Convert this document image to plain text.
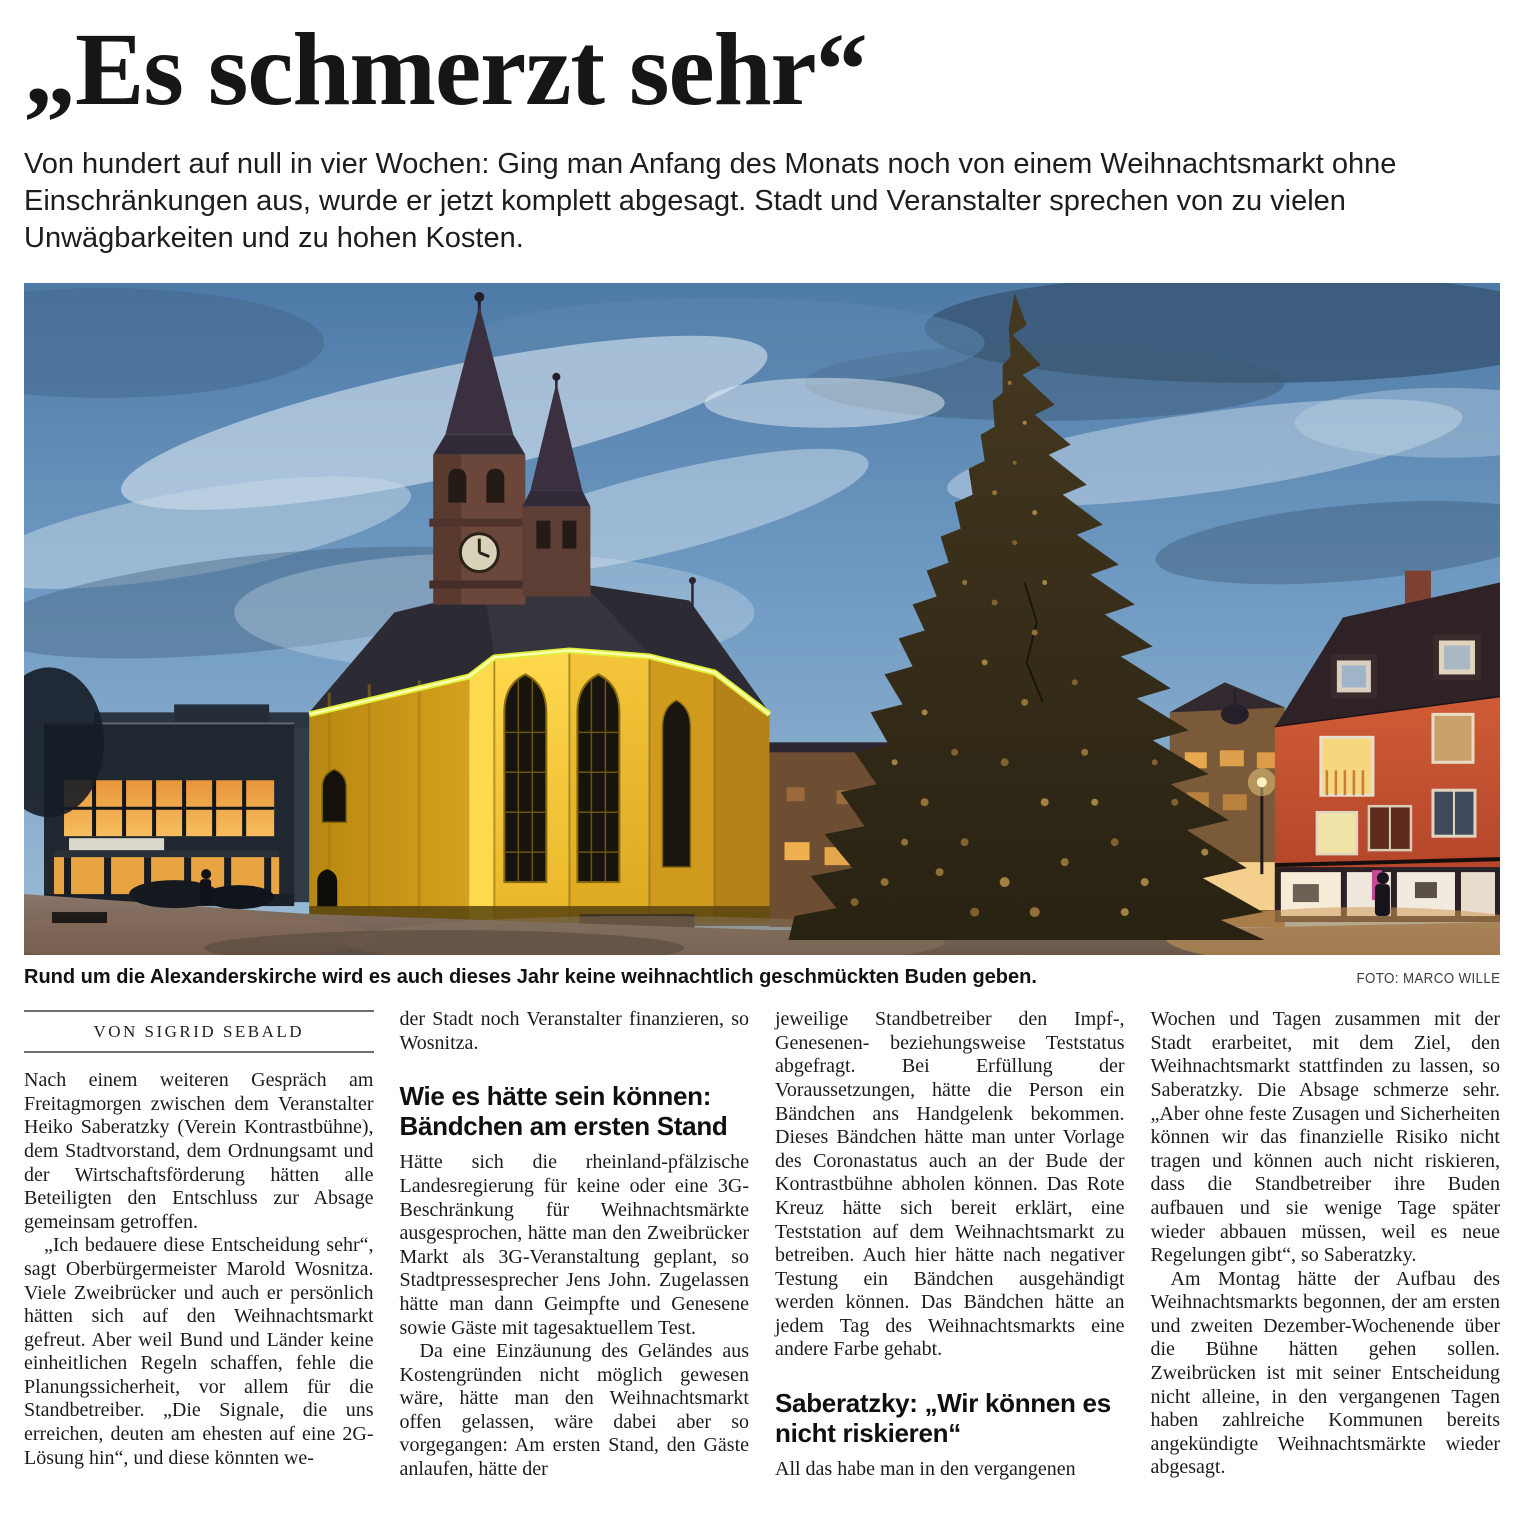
„Es schmerzt sehr“

Von hundert auf null in vier Wochen: Ging man Anfang des Monats noch von einem Weihnachtsmarkt ohne Einschränkungen aus, wurde er jetzt komplett abgesagt. Stadt und Veranstalter sprechen von zu vielen Unwägbarkeiten und zu hohen Kosten.

Rund um die Alexanderskirche wird es auch dieses Jahr keine weihnachtlich geschmückten Buden geben.	FOTO: MARCO WILLE
VON SIGRID SEBALD

Nach einem weiteren Gespräch am Freitagmorgen zwischen dem Veranstalter Heiko Saberatzky (Verein Kontrastbühne), dem Stadtvorstand, dem Ordnungsamt und der Wirtschaftsförderung hätten alle Beteiligten den Entschluss zur Absage gemeinsam getroffen.

„Ich bedauere diese Entscheidung sehr“, sagt Oberbürgermeister Marold Wosnitza. Viele Zweibrücker und auch er persönlich hätten sich auf den Weihnachtsmarkt gefreut. Aber weil Bund und Länder keine einheitlichen Regeln schaffen, fehle die Planungssicherheit, vor allem für die Standbetreiber. „Die Signale, die uns erreichen, deuten am ehesten auf eine 2G-Lösung hin“, und diese könnten we-

der Stadt noch Veranstalter finanzieren, so Wosnitza.

Wie es hätte sein können: Bändchen am ersten Stand

Hätte sich die rheinland-pfälzische Landesregierung für keine oder eine 3G-Beschränkung für Weihnachtsmärkte ausgesprochen, hätte man den Zweibrücker Markt als 3G-Veranstaltung geplant, so Stadtpressesprecher Jens John. Zugelassen hätte man dann Geimpfte und Genesene sowie Gäste mit tagesaktuellem Test.

Da eine Einzäunung des Geländes aus Kostengründen nicht möglich gewesen wäre, hätte man den Weihnachtsmarkt offen gelassen, wäre dabei aber so vorgegangen: Am ersten Stand, den Gäste anlaufen, hätte der

jeweilige Standbetreiber den Impf-, Genesenen- beziehungsweise Teststatus abgefragt. Bei Erfüllung der Voraussetzungen, hätte die Person ein Bändchen ans Handgelenk bekommen. Dieses Bändchen hätte man unter Vorlage des Coronastatus auch an der Bude der Kontrastbühne abholen können. Das Rote Kreuz hätte sich bereit erklärt, eine Teststation auf dem Weihnachtsmarkt zu betreiben. Auch hier hätte nach negativer Testung ein Bändchen ausgehändigt werden können. Das Bändchen hätte an jedem Tag des Weihnachtsmarkts eine andere Farbe gehabt.

Saberatzky: „Wir können es nicht riskieren“

All das habe man in den vergangenen

Wochen und Tagen zusammen mit der Stadt erarbeitet, mit dem Ziel, den Weihnachtsmarkt stattfinden zu lassen, so Saberatzky. Die Absage schmerze sehr. „Aber ohne feste Zusagen und Sicherheiten können wir das finanzielle Risiko nicht tragen und können auch nicht riskieren, dass die Standbetreiber ihre Buden aufbauen und sie wenige Tage später wieder abbauen müssen, weil es neue Regelungen gibt“, so Saberatzky.

Am Montag hätte der Aufbau des Weihnachtsmarkts begonnen, der am ersten und zweiten Dezember-Wochenende über die Bühne hätten gehen sollen. Zweibrücken ist mit seiner Entscheidung nicht alleine, in den vergangenen Tagen haben zahlreiche Kommunen bereits angekündigte Weihnachtsmärkte wieder abgesagt.
